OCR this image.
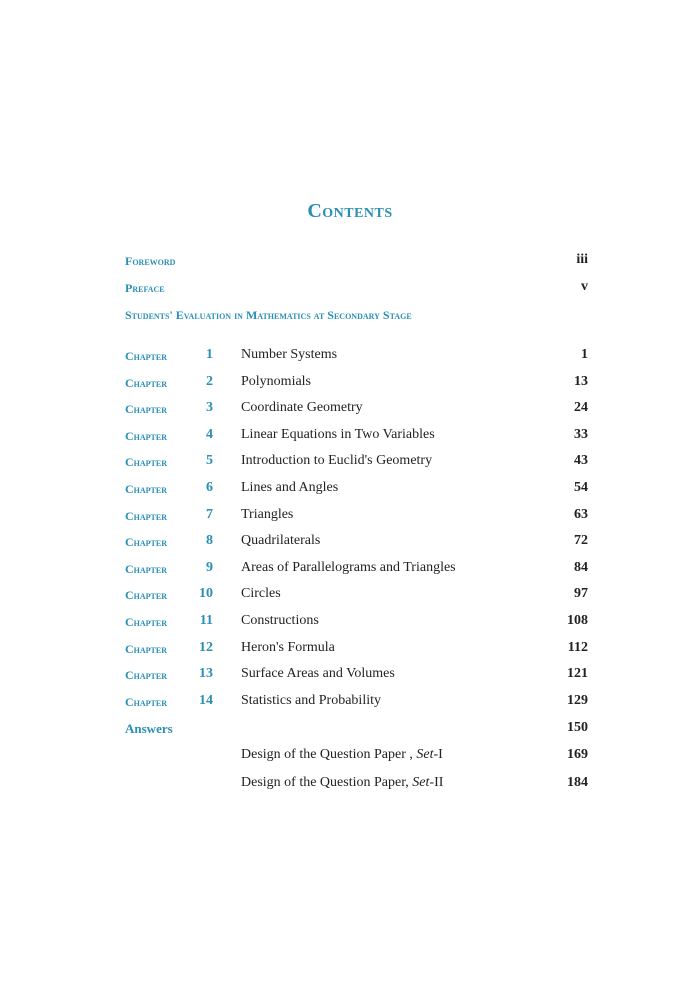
Contents
Foreword	iii
Preface	v
Students' Evaluation in Mathematics at Secondary Stage
Chapter	1 Number Systems	1
Chapter	2 Polynomials	13
Chapter	3 Coordinate Geometry	24
Chapter	4 Linear Equations in Two Variables	33
Chapter	5 Introduction to Euclid's Geometry	43
Chapter	6 Lines and Angles	54
Chapter	7 Triangles	63
Chapter	8 Quadrilaterals	72
Chapter	9 Areas of Parallelograms and Triangles	84
Chapter 10 Circles	97
Chapter	11 Constructions	108
Chapter 12 Heron's Formula	112
Chapter 13 Surface Areas and Volumes	121
Chapter 14 Statistics and Probability	129
Answers	150
Design of the Question Paper , Set-I	169
Design of the Question Paper, Set-II	184
